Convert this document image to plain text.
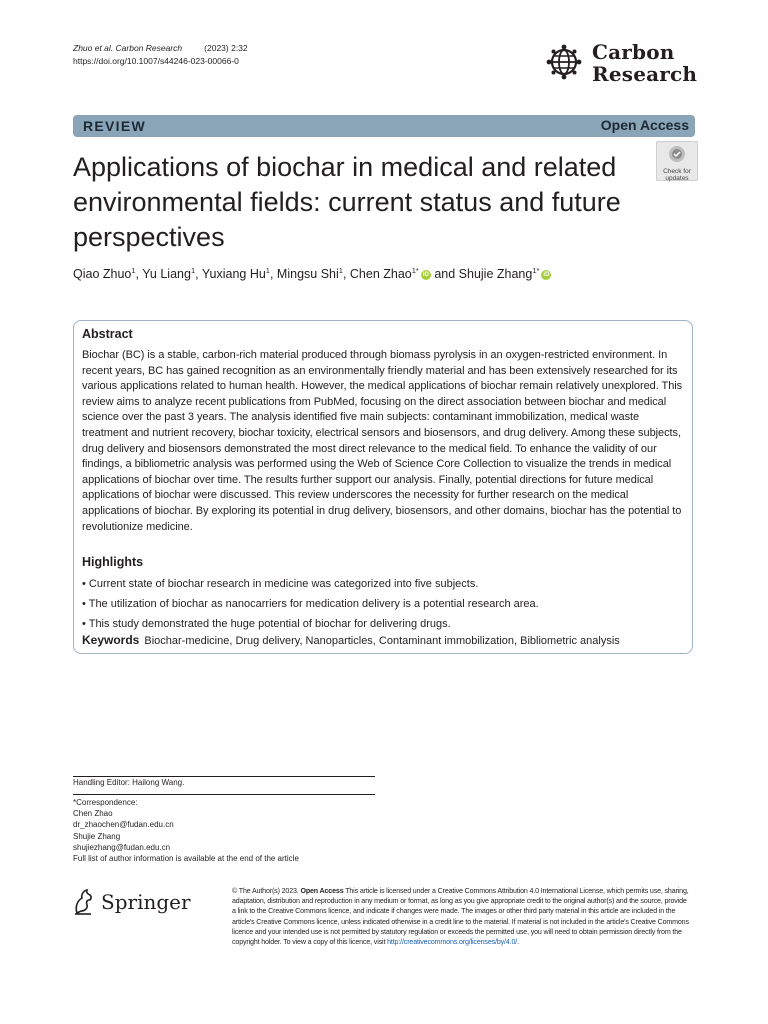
Zhuo et al. Carbon Research	(2023) 2:32
https://doi.org/10.1007/s44246-023-00066-0	Carbon
Research
REVIEW	Open Access
Check for
updates
Applications of biochar in medical and related environmental fields: current status and future perspectives
Qiao Zhuo$^1$, Yu Liang$^1$, Yuxiang Hu$^1$, Mingsu Shi$^1$, Chen Zhao$^{1*}$ iD and Shujie Zhang$^{1*}$ iD
Abstract
Biochar (BC) is a stable, carbon-rich material produced through biomass pyrolysis in an oxygen-restricted environment. In recent years, BC has gained recognition as an environmentally friendly material and has been extensively researched for its various applications related to human health. However, the medical applications of biochar remain relatively unexplored. This review aims to analyze recent publications from PubMed, focusing on the direct association between biochar and medical science over the past 3 years. The analysis identified five main subjects: contaminant immobilization, medical waste treatment and nutrient recovery, biochar toxicity, electrical sensors and biosensors, and drug delivery. Among these subjects, drug delivery and biosensors demonstrated the most direct relevance to the medical field. To enhance the validity of our findings, a bibliometric analysis was performed using the Web of Science Core Collection to visualize the trends in medical applications of biochar over time. The results further support our analysis. Finally, potential directions for future medical applications of biochar were discussed. This review underscores the necessity for further research on the medical applications of biochar. By exploring its potential in drug delivery, biosensors, and other domains, biochar has the potential to revolutionize medicine.
Highlights
• Current state of biochar research in medicine was categorized into five subjects.
• The utilization of biochar as nanocarriers for medication delivery is a potential research area.
• This study demonstrated the huge potential of biochar for delivering drugs.
Keywords Biochar-medicine, Drug delivery, Nanoparticles, Contaminant immobilization, Bibliometric analysis
Handling Editor: Hailong Wang.
*Correspondence:
Chen Zhao
dr_zhaochen@fudan.edu.cn
Shujie Zhang
shujiezhang@fudan.edu.cn
Full list of author information is available at the end of the article
Springer	© The Author(s) 2023. Open Access This article is licensed under a Creative Commons Attribution 4.0 International License, which permits use, sharing, adaptation, distribution and reproduction in any medium or format, as long as you give appropriate credit to the original author(s) and the source, provide a link to the Creative Commons licence, and indicate if changes were made. The images or other third party material in this article are included in the article's Creative Commons licence, unless indicated otherwise in a credit line to the material. If material is not included in the article's Creative Commons licence and your intended use is not permitted by statutory regulation or exceeds the permitted use, you will need to obtain permission directly from the copyright holder. To view a copy of this licence, visit http://creativecommons.org/licenses/by/4.0/.
